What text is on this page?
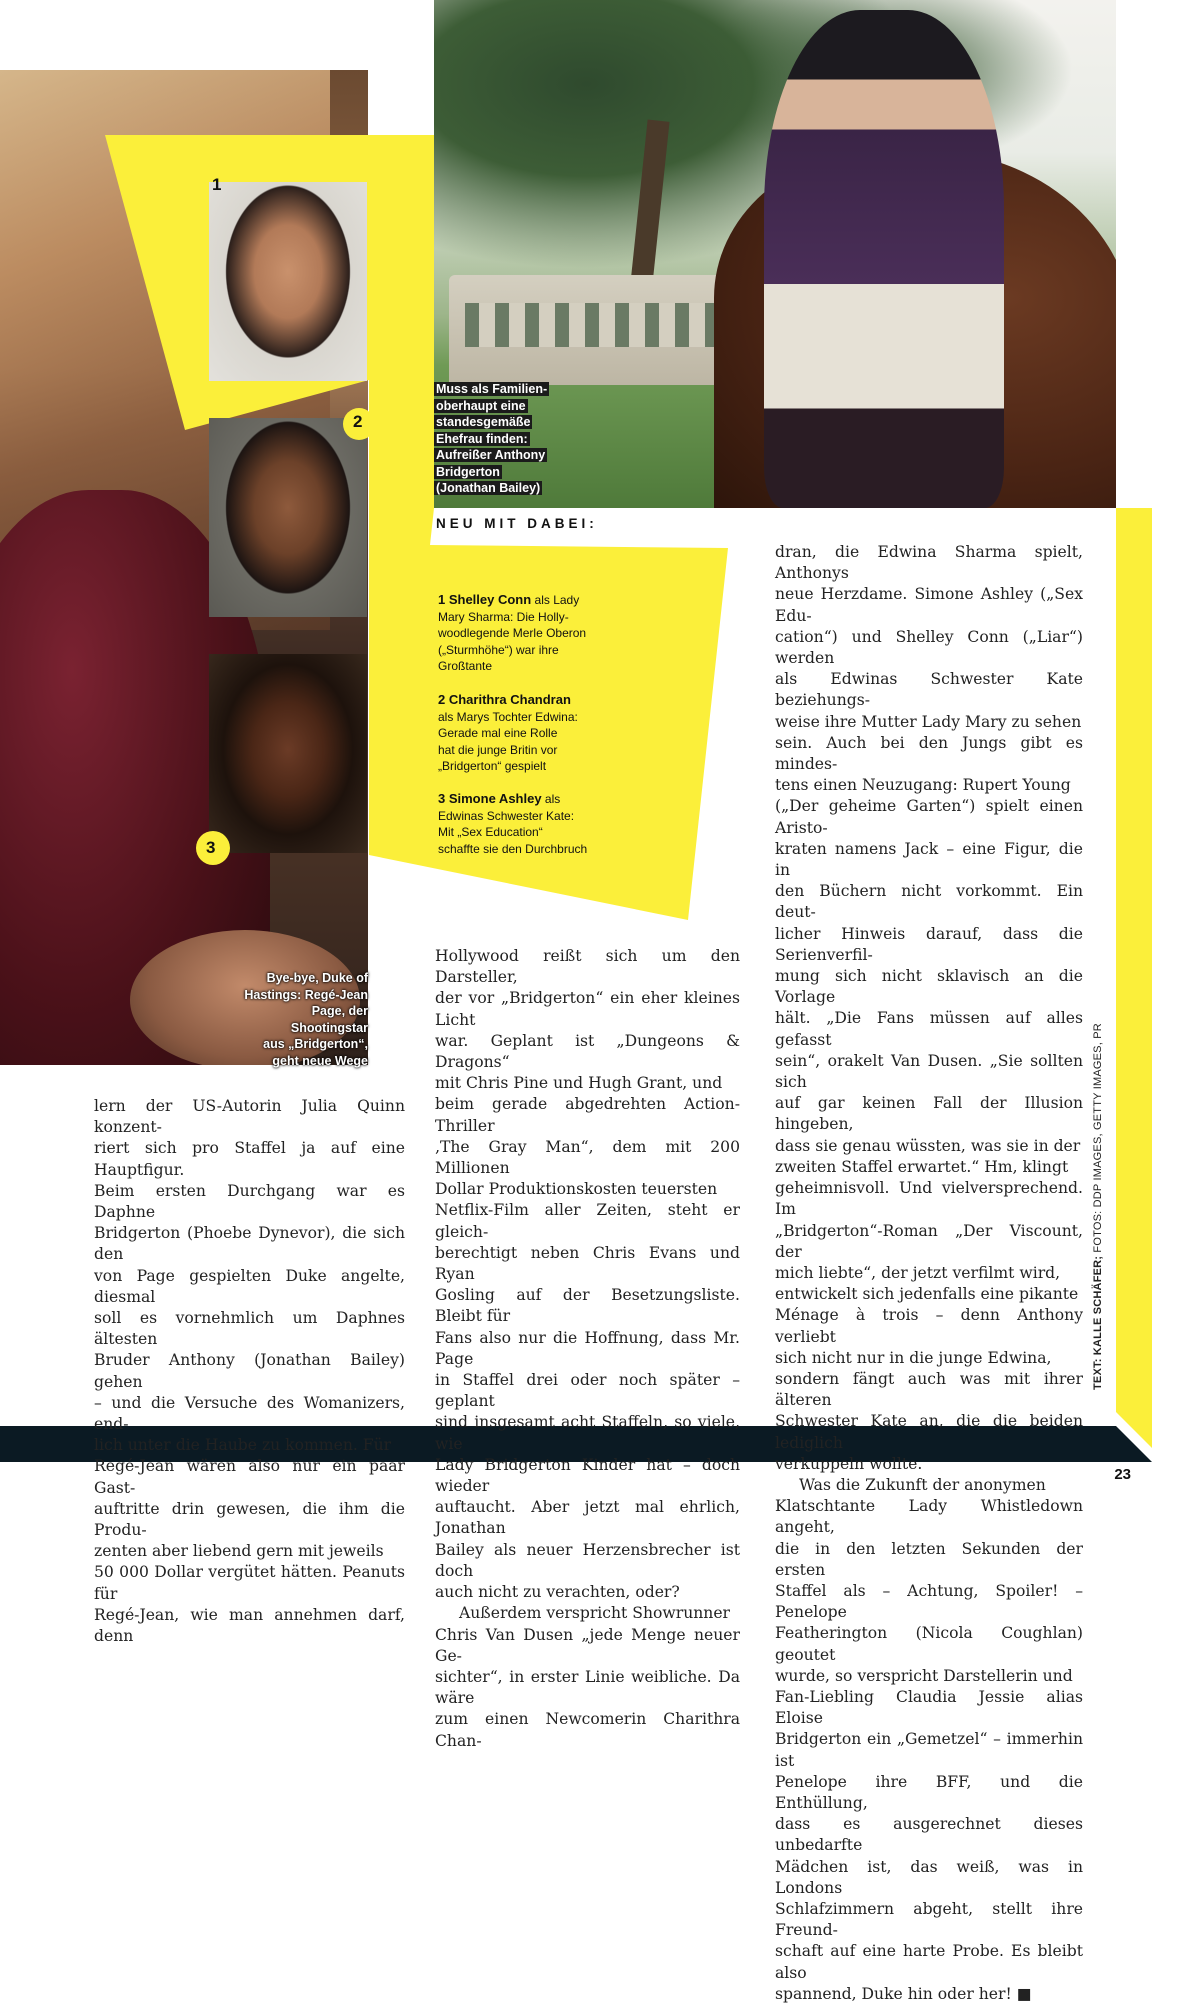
1
2
3
Muss als Familien-
oberhaupt eine
standesgemäße
Ehefrau finden:
Aufreißer Anthony
Bridgerton
(Jonathan Bailey)
Bye-bye, Duke of
Hastings: Regé-Jean
Page, der Shootingstar
aus „Bridgerton“,
geht neue Wege
NEU MIT DABEI:
1 Shelley Conn als Lady
Mary Sharma: Die Holly-
woodlegende Merle Oberon
(„Sturmhöhe“) war ihre
Großtante
2 Charithra Chandran
als Marys Tochter Edwina:
Gerade mal eine Rolle
hat die junge Britin vor
„Bridgerton“ gespielt
3 Simone Ashley als
Edwinas Schwester Kate:
Mit „Sex Education“
schaffte sie den Durchbruch
lern der US-Autorin Julia Quinn konzent-
riert sich pro Staffel ja auf eine Hauptfigur.
Beim ersten Durchgang war es Daphne
Bridgerton (Phoebe Dynevor), die sich den
von Page gespielten Duke angelte, diesmal
soll es vornehmlich um Daphnes ältesten
Bruder Anthony (Jonathan Bailey) gehen
– und die Versuche des Womanizers, end-
lich unter die Haube zu kommen. Für
Regé-Jean wären also nur ein paar Gast-
auftritte drin gewesen, die ihm die Produ-
zenten aber liebend gern mit jeweils
50 000 Dollar vergütet hätten. Peanuts für
Regé-Jean, wie man annehmen darf, denn
Hollywood reißt sich um den Darsteller,
der vor „Bridgerton“ ein eher kleines Licht
war. Geplant ist „Dungeons & Dragons“
mit Chris Pine und Hugh Grant, und
beim gerade abgedrehten Action-Thriller
‚The Gray Man“, dem mit 200 Millionen
Dollar Produktionskosten teuersten
Netflix-Film aller Zeiten, steht er gleich-
berechtigt neben Chris Evans und Ryan
Gosling auf der Besetzungsliste. Bleibt für
Fans also nur die Hoffnung, dass Mr. Page
in Staffel drei oder noch später – geplant
sind insgesamt acht Staffeln, so viele, wie
Lady Bridgerton Kinder hat – doch wieder
auftaucht. Aber jetzt mal ehrlich, Jonathan
Bailey als neuer Herzensbrecher ist doch
auch nicht zu verachten, oder?
Außerdem verspricht Showrunner
Chris Van Dusen „jede Menge neuer Ge-
sichter“, in erster Linie weibliche. Da wäre
zum einen Newcomerin Charithra Chan-
dran, die Edwina Sharma spielt, Anthonys
neue Herzdame. Simone Ashley („Sex Edu-
cation“) und Shelley Conn („Liar“) werden
als Edwinas Schwester Kate beziehungs-
weise ihre Mutter Lady Mary zu sehen
sein. Auch bei den Jungs gibt es mindes-
tens einen Neuzugang: Rupert Young
(„Der geheime Garten“) spielt einen Aristo-
kraten namens Jack – eine Figur, die in
den Büchern nicht vorkommt. Ein deut-
licher Hinweis darauf, dass die Serienverfil-
mung sich nicht sklavisch an die Vorlage
hält. „Die Fans müssen auf alles gefasst
sein“, orakelt Van Dusen. „Sie sollten sich
auf gar keinen Fall der Illusion hingeben,
dass sie genau wüssten, was sie in der
zweiten Staffel erwartet.“ Hm, klingt
geheimnisvoll. Und vielversprechend. Im
„Bridgerton“-Roman „Der Viscount, der
mich liebte“, der jetzt verfilmt wird,
entwickelt sich jedenfalls eine pikante
Ménage à trois – denn Anthony verliebt
sich nicht nur in die junge Edwina,
sondern fängt auch was mit ihrer älteren
Schwester Kate an, die die beiden lediglich
verkuppeln wollte.
Was die Zukunft der anonymen
Klatschtante Lady Whistledown angeht,
die in den letzten Sekunden der ersten
Staffel als – Achtung, Spoiler! – Penelope
Featherington (Nicola Coughlan) geoutet
wurde, so verspricht Darstellerin und
Fan-Liebling Claudia Jessie alias Eloise
Bridgerton ein „Gemetzel“ – immerhin ist
Penelope ihre BFF, und die Enthüllung,
dass es ausgerechnet dieses unbedarfte
Mädchen ist, das weiß, was in Londons
Schlafzimmern abgeht, stellt ihre Freund-
schaft auf eine harte Probe. Es bleibt also
spannend, Duke hin oder her! ■
TEXT: KALLE SCHÄFER; FOTOS: DDP IMAGES, GETTY IMAGES, PR
23
